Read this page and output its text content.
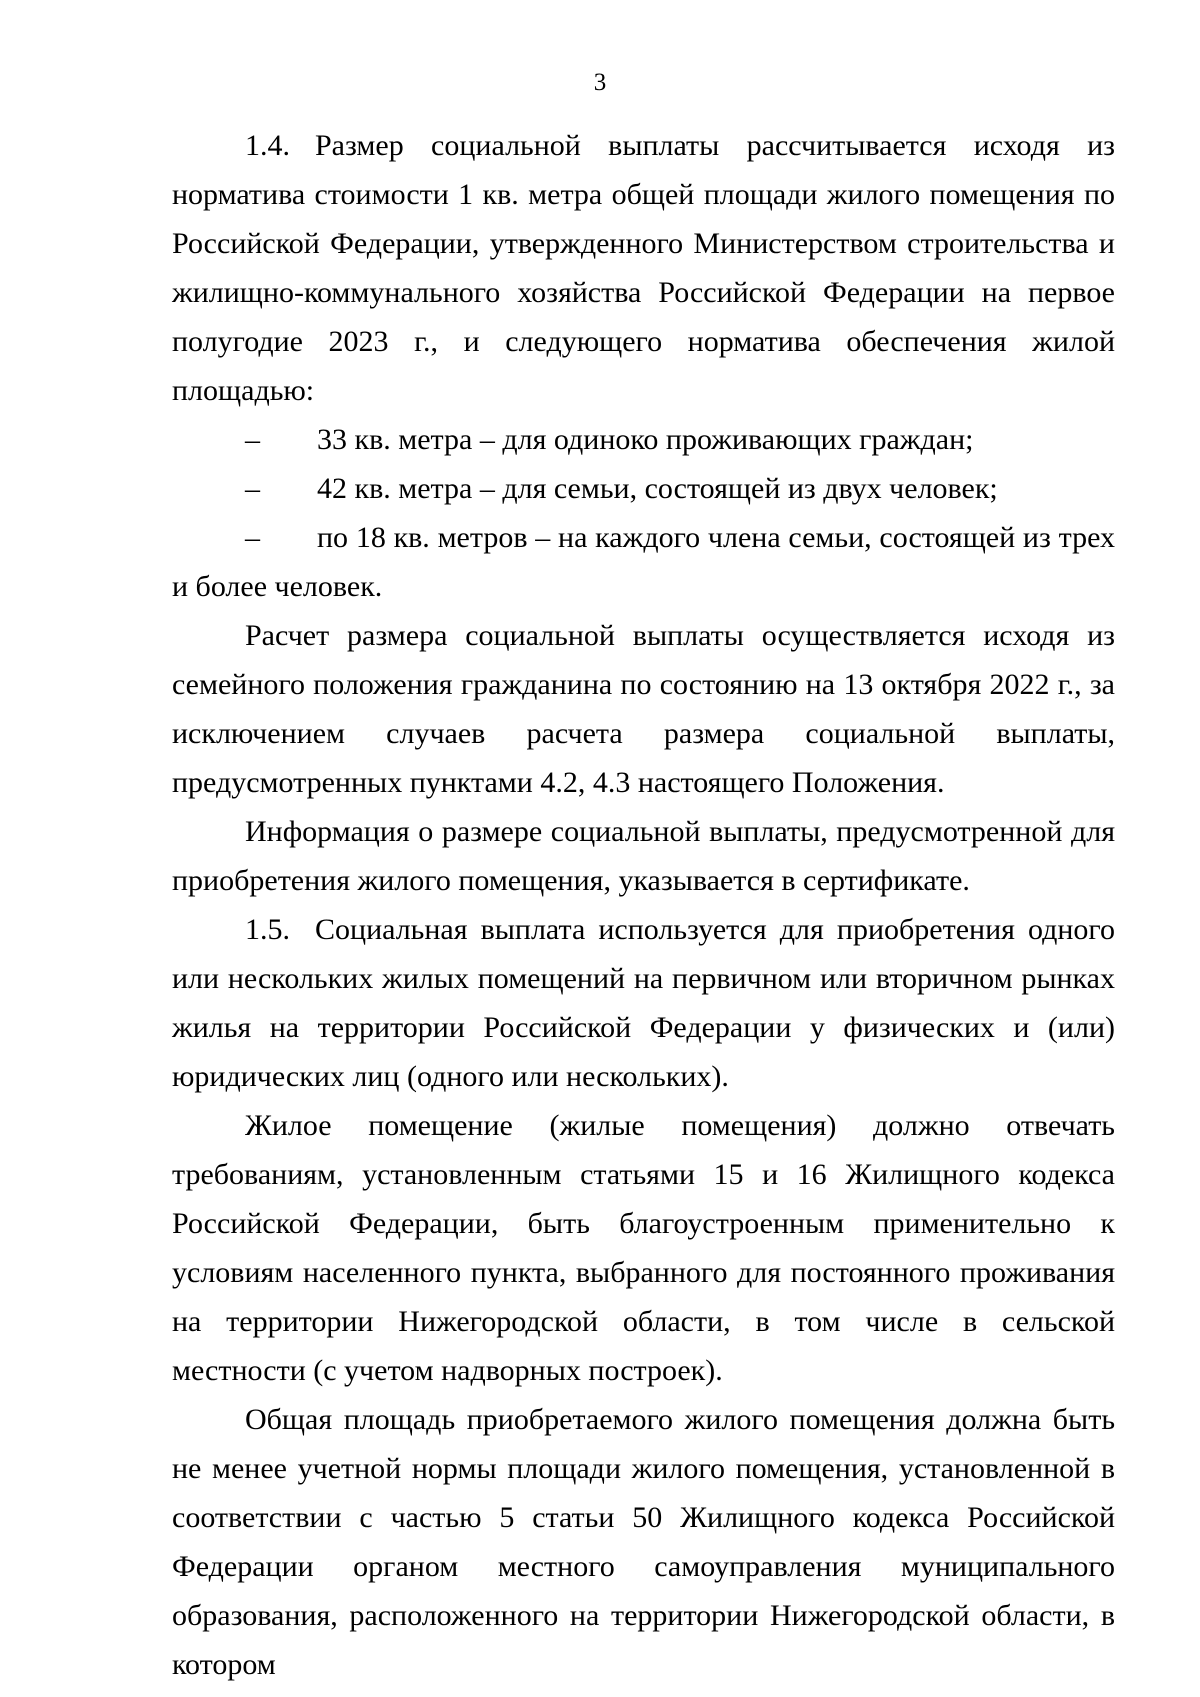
3

1.4. Размер социальной выплаты рассчитывается исходя из норматива стоимости 1 кв. метра общей площади жилого помещения по Российской Федерации, утвержденного Министерством строительства и жилищно-коммунального хозяйства Российской Федерации на первое полугодие 2023 г., и следующего норматива обеспечения жилой площадью:

– 33 кв. метра – для одиноко проживающих граждан;

– 42 кв. метра – для семьи, состоящей из двух человек;

– по 18 кв. метров – на каждого члена семьи, состоящей из трех и более человек.

Расчет размера социальной выплаты осуществляется исходя из семейного положения гражданина по состоянию на 13 октября 2022 г., за исключением случаев расчета размера социальной выплаты, предусмотренных пунктами 4.2, 4.3 настоящего Положения.

Информация о размере социальной выплаты, предусмотренной для приобретения жилого помещения, указывается в сертификате.

1.5. Социальная выплата используется для приобретения одного или нескольких жилых помещений на первичном или вторичном рынках жилья на территории Российской Федерации у физических и (или) юридических лиц (одного или нескольких).

Жилое помещение (жилые помещения) должно отвечать требованиям, установленным статьями 15 и 16 Жилищного кодекса Российской Федерации, быть благоустроенным применительно к условиям населенного пункта, выбранного для постоянного проживания на территории Нижегородской области, в том числе в сельской местности (с учетом надворных построек).

Общая площадь приобретаемого жилого помещения должна быть не менее учетной нормы площади жилого помещения, установленной в соответствии с частью 5 статьи 50 Жилищного кодекса Российской Федерации органом местного самоуправления муниципального образования, расположенного на территории Нижегородской области, в котором
